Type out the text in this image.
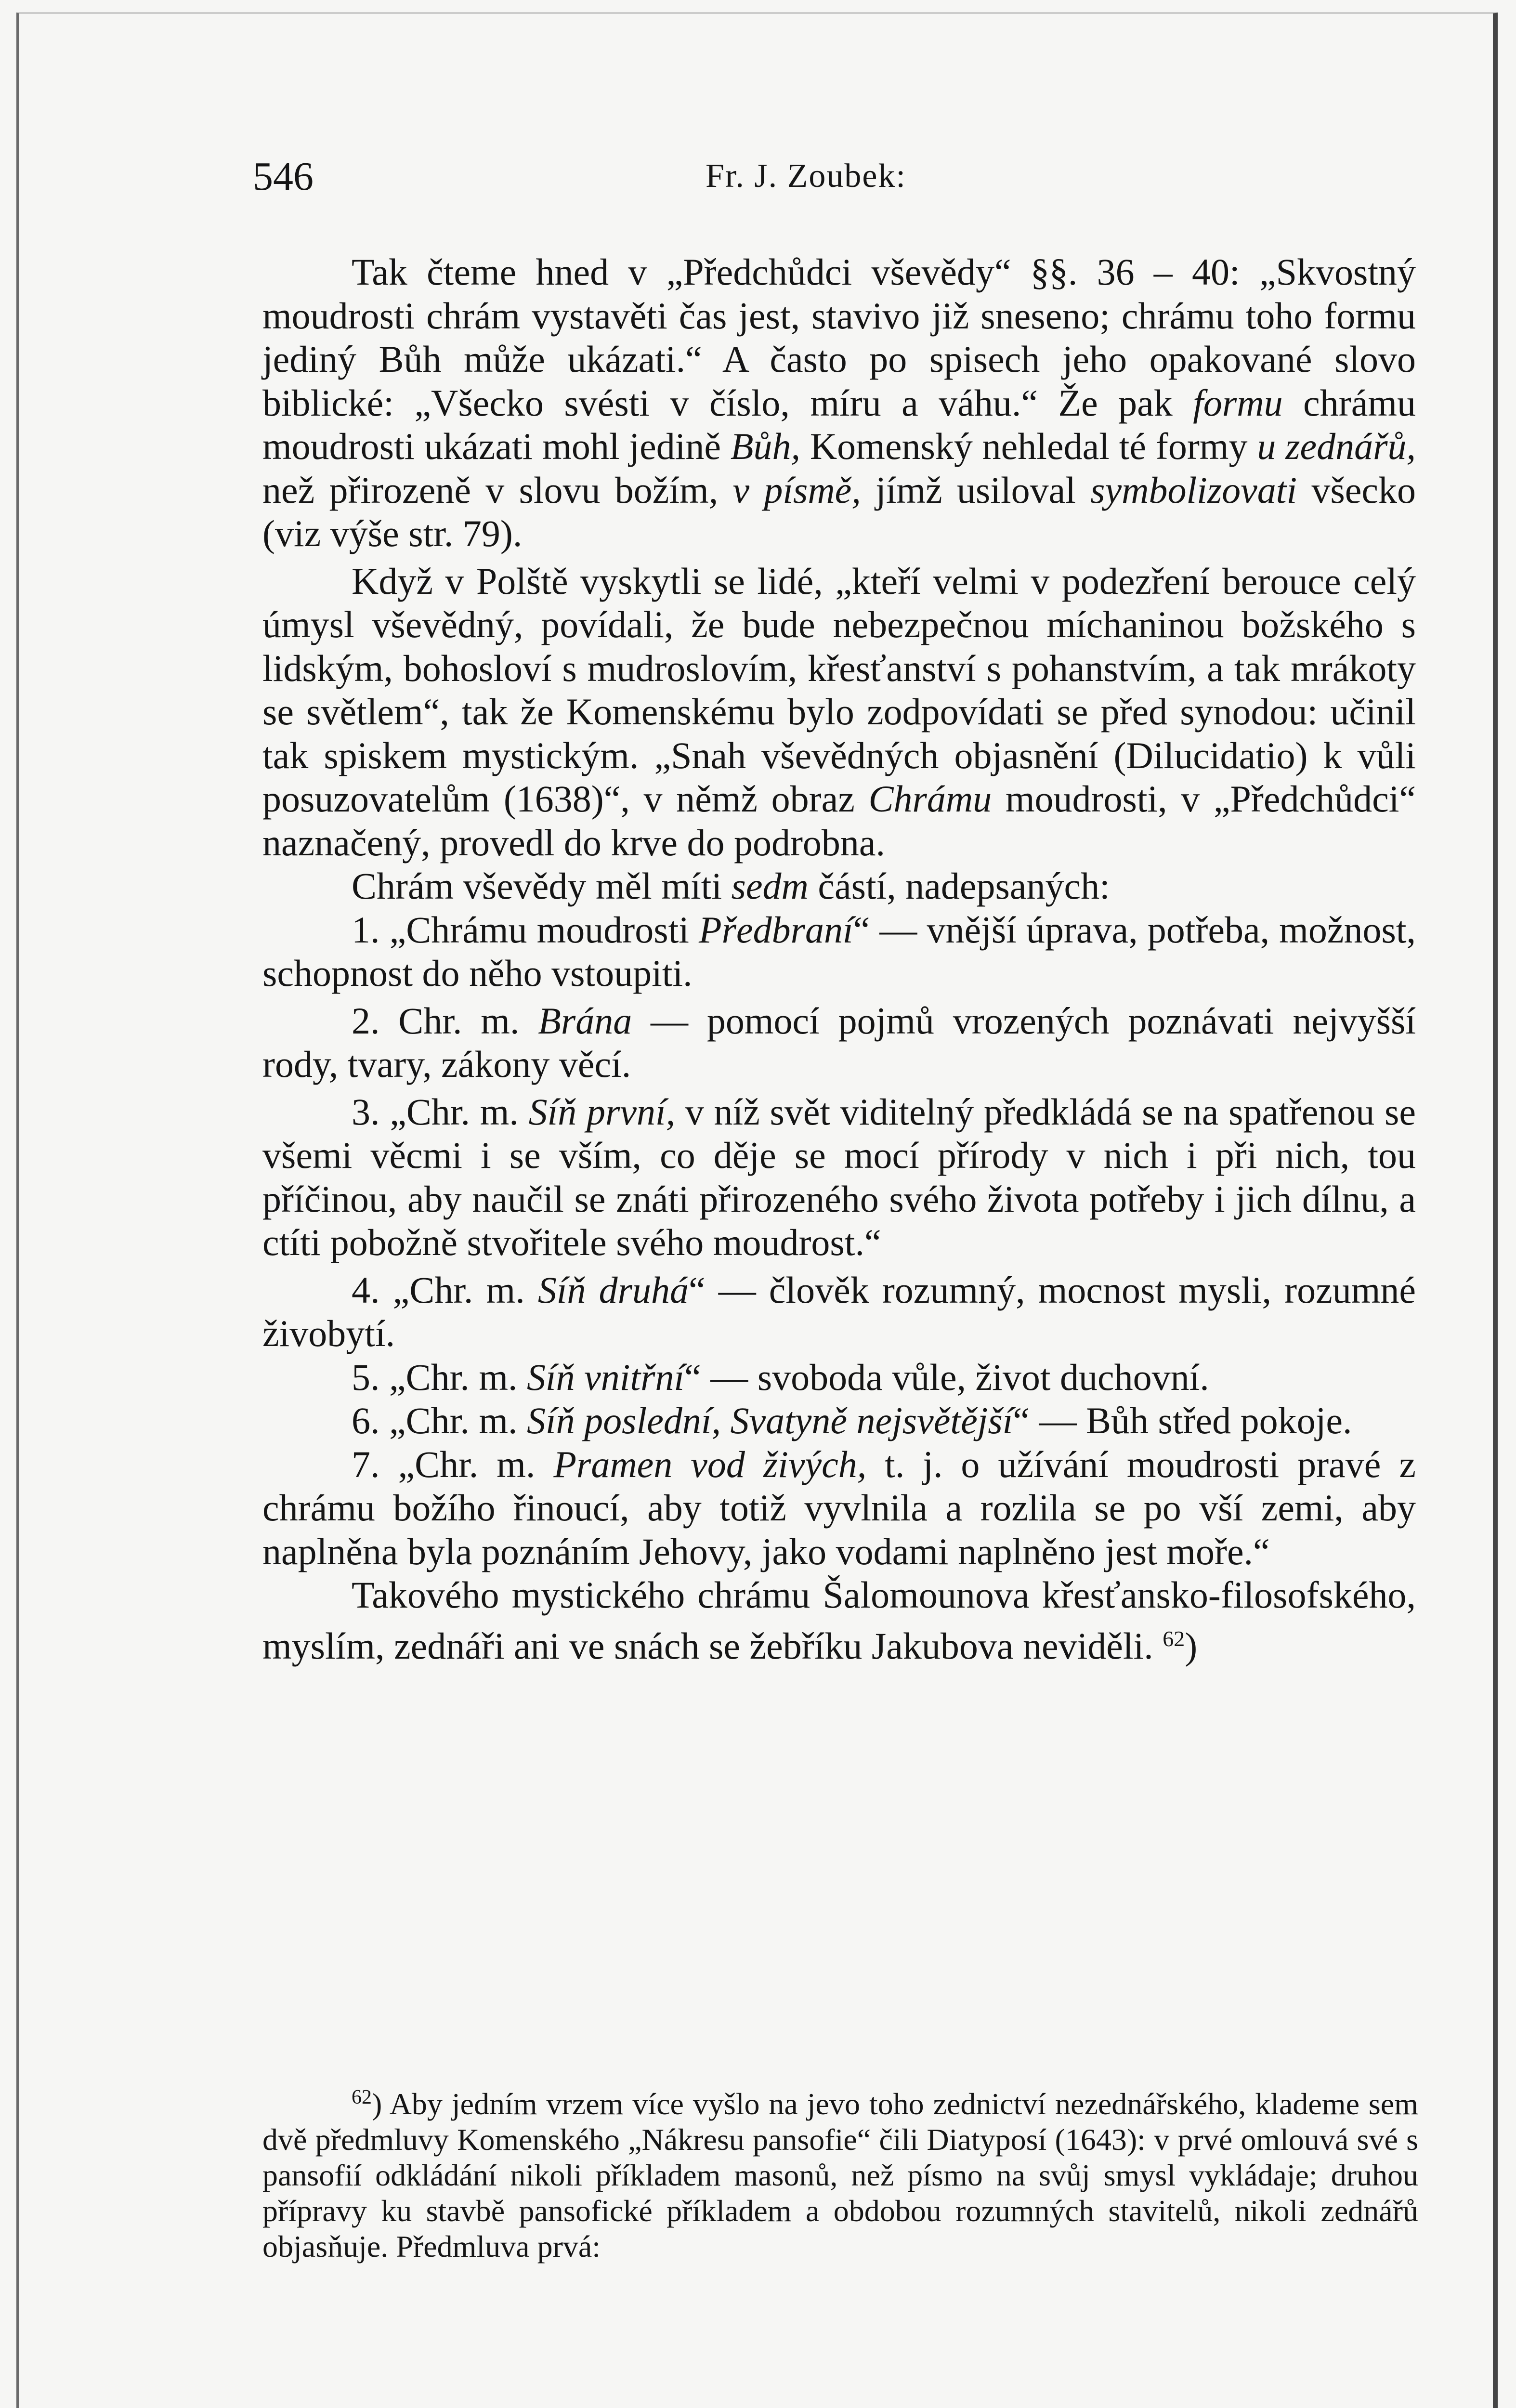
546	Fr. J. Zoubek:

Tak čteme hned v „Předchůdci vševědy“ §§. 36 – 40: „Skvostný moudrosti chrám vystavěti čas jest, stavivo již sneseno; chrámu toho formu jediný Bůh může ukázati.“ A často po spisech jeho opakované slovo biblické: „Všecko svésti v číslo, míru a váhu.“ Že pak formu chrámu moudrosti ukázati mohl jedině Bůh, Komenský nehledal té formy u zednářů, než přirozeně v slovu božím, v písmě, jímž usiloval symbolizovati všecko (viz výše str. 79).

Když v Polště vyskytli se lidé, „kteří velmi v podezření berouce celý úmysl vševědný, povídali, že bude nebezpečnou míchaninou božského s lidským, bohosloví s mudroslovím, křesťanství s pohanstvím, a tak mrákoty se světlem“, tak že Komenskému bylo zodpovídati se před synodou: učinil tak spiskem mystickým. „Snah vševědných objasnění (Dilucidatio) k vůli posuzovatelům (1638)“, v němž obraz Chrámu moudrosti, v „Předchůdci“ naznačený, provedl do krve do podrobna.

Chrám vševědy měl míti sedm částí, nadepsaných:

1. „Chrámu moudrosti Předbraní“ — vnější úprava, potřeba, možnost, schopnost do něho vstoupiti.

2. Chr. m. Brána — pomocí pojmů vrozených poznávati nejvyšší rody, tvary, zákony věcí.

3. „Chr. m. Síň první, v níž svět viditelný předkládá se na spatřenou se všemi věcmi i se vším, co děje se mocí přírody v nich i při nich, tou příčinou, aby naučil se znáti přirozeného svého života potřeby i jich dílnu, a ctíti pobožně stvořitele svého moudrost.“

4. „Chr. m. Síň druhá“ — člověk rozumný, mocnost mysli, rozumné živobytí.

5. „Chr. m. Síň vnitřní“ — svoboda vůle, život duchovní.

6. „Chr. m. Síň poslední, Svatyně nejsvětější“ — Bůh střed pokoje.

7. „Chr. m. Pramen vod živých, t. j. o užívání moudrosti pravé z chrámu božího řinoucí, aby totiž vyvlnila a rozlila se po vší zemi, aby naplněna byla poznáním Jehovy, jako vodami naplněno jest moře.“

Takového mystického chrámu Šalomounova křesťansko-filosofského, myslím, zednáři ani ve snách se žebříku Jakubova neviděli. $^{62}$)

$^{62}$) Aby jedním vrzem více vyšlo na jevo toho zednictví nezednářského, klademe sem dvě předmluvy Komenského „Nákresu pansofie“ čili Diatyposí (1643): v prvé omlouvá své s pansofií odkládání nikoli příkladem masonů, než písmo na svůj smysl vykládaje; druhou přípravy ku stavbě pansofické příkladem a obdobou rozumných stavitelů, nikoli zednářů objasňuje. Předmluva prvá:
